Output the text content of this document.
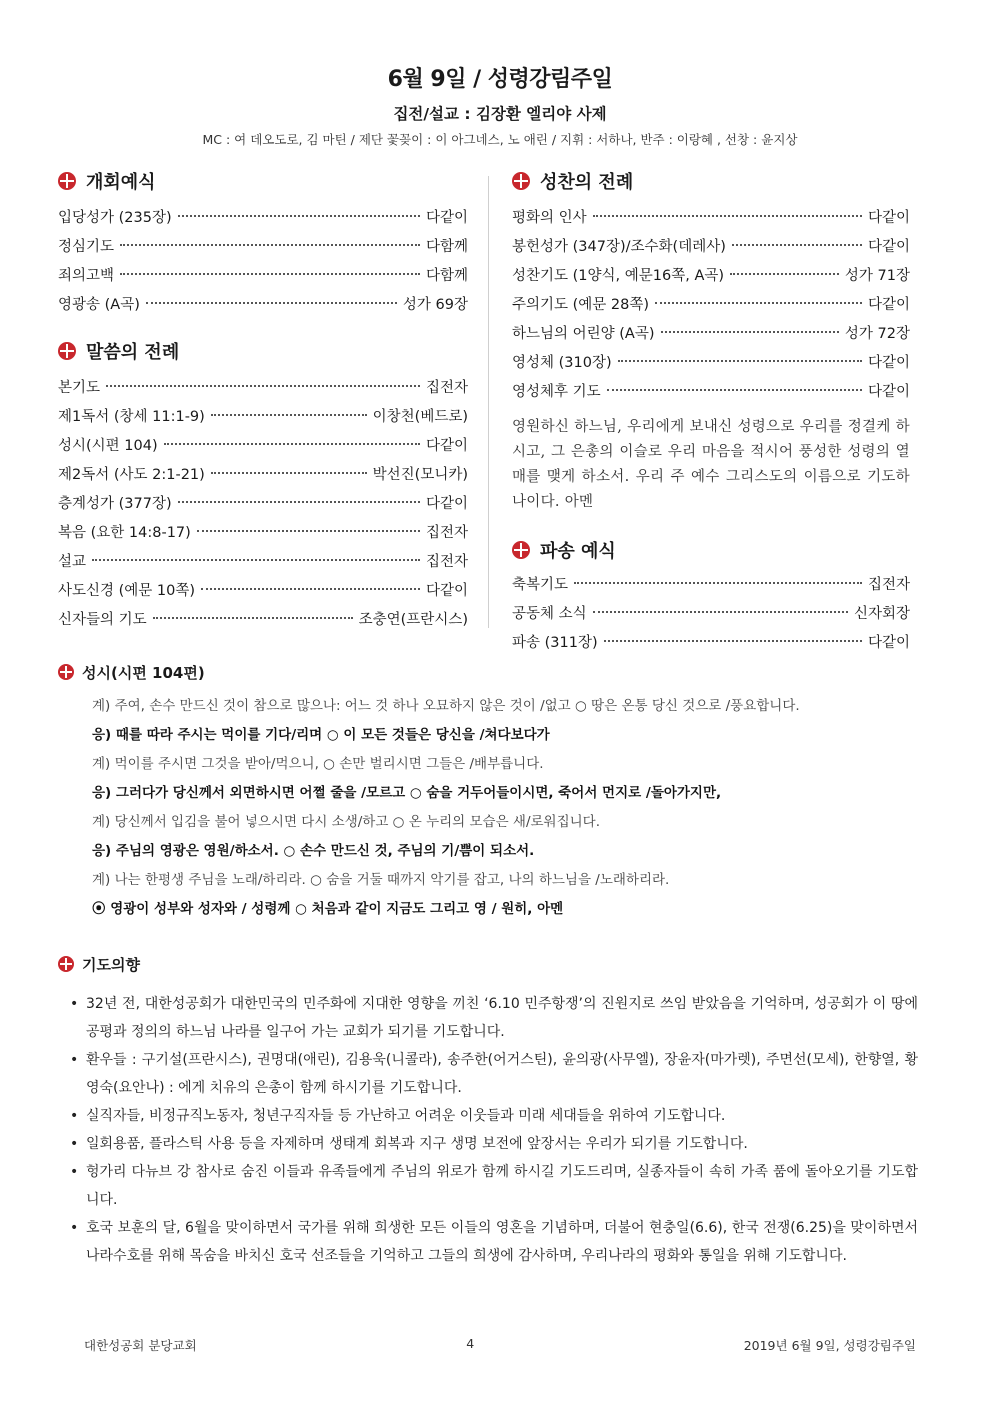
6월 9일 / 성령강림주일

집전/설교 : 김장환 엘리야 사제

MC : 여 데오도로, 김 마틴 / 제단 꽃꽂이 : 이 아그네스, 노 애린 / 지휘 : 서하나, 반주 : 이랑혜 , 선창 : 윤지상

개회예식
입당성가 (235장)	다같이
정심기도	다함께
죄의고백	다함께
영광송 (A곡)	성가 69장
말씀의 전례
본기도	집전자
제1독서 (창세 11:1-9)	이창천(베드로)
성시(시편 104)	다같이
제2독서 (사도 2:1-21)	박선진(모니카)
층계성가 (377장)	다같이
복음 (요한 14:8-17)	집전자
설교	집전자
사도신경 (예문 10쪽)	다같이
신자들의 기도	조충연(프란시스)
성찬의 전례
평화의 인사	다같이
봉헌성가 (347장)/조수화(데레사)	다같이
성찬기도 (1양식, 예문16쪽, A곡)	성가 71장
주의기도 (예문 28쪽)	다같이
하느님의 어린양 (A곡)	성가 72장
영성체 (310장)	다같이
영성체후 기도	다같이

영원하신 하느님, 우리에게 보내신 성령으로 우리를 정결케 하시고, 그 은총의 이슬로 우리 마음을 적시어 풍성한 성령의 열매를 맺게 하소서. 우리 주 예수 그리스도의 이름으로 기도하나이다. 아멘

파송 예식
축복기도	집전자
공동체 소식	신자회장
파송 (311장)	다같이
성시(시편 104편)
계) 주여, 손수 만드신 것이 참으로 많으나: 어느 것 하나 오묘하지 않은 것이 /없고 ○ 땅은 온통 당신 것으로 /풍요합니다.
응) 때를 따라 주시는 먹이를 기다/리며 ○ 이 모든 것들은 당신을 /쳐다보다가
계) 먹이를 주시면 그것을 받아/먹으니, ○ 손만 벌리시면 그들은 /배부릅니다.
응) 그러다가 당신께서 외면하시면 어쩔 줄을 /모르고 ○ 숨을 거두어들이시면, 죽어서 먼지로 /돌아가지만,
계) 당신께서 입김을 불어 넣으시면 다시 소생/하고 ○ 온 누리의 모습은 새/로워집니다.
응) 주님의 영광은 영원/하소서. ○ 손수 만드신 것, 주님의 기/쁨이 되소서.
계) 나는 한평생 주님을 노래/하리라. ○ 숨을 거둘 때까지 악기를 잡고, 나의 하느님을 /노래하리라.
⦿ 영광이 성부와 성자와 / 성령께 ○ 처음과 같이 지금도 그리고 영 / 원히, 아멘
기도의향
• 32년 전, 대한성공회가 대한민국의 민주화에 지대한 영향을 끼친 ‘6.10 민주항쟁’의 진원지로 쓰임 받았음을 기억하며, 성공회가 이 땅에 공평과 정의의 하느님 나라를 일구어 가는 교회가 되기를 기도합니다.
• 환우들 : 구기설(프란시스), 권명대(애린), 김용욱(니콜라), 송주한(어거스틴), 윤의광(사무엘), 장윤자(마가렛), 주면선(모세), 한향열, 황영숙(요안나) : 에게 치유의 은총이 함께 하시기를 기도합니다.
• 실직자들, 비정규직노동자, 청년구직자들 등 가난하고 어려운 이웃들과 미래 세대들을 위하여 기도합니다.
• 일회용품, 플라스틱 사용 등을 자제하며 생태계 회복과 지구 생명 보전에 앞장서는 우리가 되기를 기도합니다.
• 헝가리 다뉴브 강 참사로 숨진 이들과 유족들에게 주님의 위로가 함께 하시길 기도드리며, 실종자들이 속히 가족 품에 돌아오기를 기도합니다.
• 호국 보훈의 달, 6월을 맞이하면서 국가를 위해 희생한 모든 이들의 영혼을 기념하며, 더불어 현충일(6.6), 한국 전쟁(6.25)을 맞이하면서 나라수호를 위해 목숨을 바치신 호국 선조들을 기억하고 그들의 희생에 감사하며, 우리나라의 평화와 통일을 위해 기도합니다.
대한성공회 분당교회	4	2019년 6월 9일, 성령강림주일
